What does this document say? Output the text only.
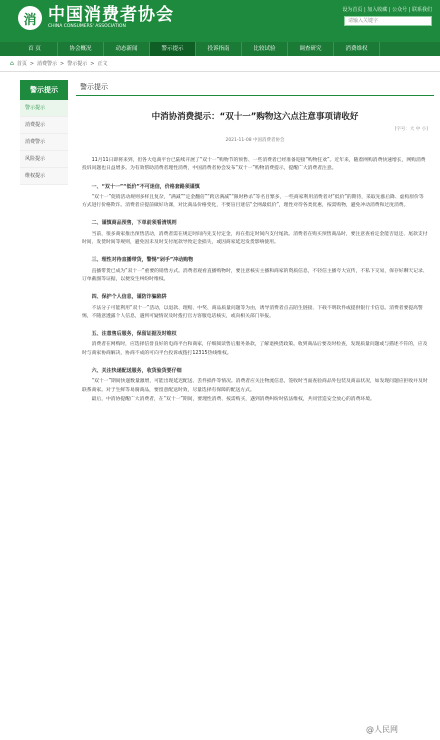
消 中国消费者协会
CHINA CONSUMERS' ASSOCIATION
设为首页 | 加入收藏 | 公众号 | 联系我们
请输入关键字
首 页	协会概况	动态新闻	警示提示	投诉指南	比较试验	调查研究	消费维权
⌂ 首页 > 消费警示 > 警示提示 > 正文
警示提示
警示提示
消费提示
消费警示
风险提示
维权提示
警示提示
中消协消费提示：“双十一”购物这六点注意事项请收好
[字号：大 中 小]
2021-11-08 中国消费者协会

11月11日即将来到，但各大电商平台已陆续开展了“双十一”购物节的预售、一些消费者已经准备迎接“购物狂欢”。近年来，随着网购消费快速增长，网购消费投诉问题也日益增多。为有效帮助消费者理性消费，中国消费者协会发布“双十一”购物消费提示，提醒广大消费者注意。

一、“双十一”“低价”不可迷信，价格套路须谨慎

“双十一”促销活动规则多样且复杂，“满减”“定金翻倍”“跨店满减”“限时秒杀”等名目繁多，一些商家利用消费者对“低价”的期待，采取先涨后降、虚构原价等方式进行价格欺诈。消费者应提前做好功课，对比商品价格变化，不要盲目迷信“全网最低价”，理性对待各类优惠，按需购物，避免冲动消费和过度消费。

二、谨慎商品预售，下单前须看清规则

当前，很多商家推出预售活动，消费者需在规定时间内先支付定金，再在指定时间内支付尾款。消费者在购买预售商品时，要注意查看定金能否退还、尾款支付时间、发货时间等规则，避免因未及时支付尾款导致定金损失，或因商家延迟发货影响使用。

三、理性对待直播带货，警惕“剁手”冲动购物

直播带货已成为“双十一”重要的销售方式。消费者观看直播购物时，要注意核实主播和商家的资质信息，不轻信主播夸大宣传，不私下交易，保存好聊天记录、订单截图等证据，以便发生纠纷时维权。

四、保护个人信息，谨防诈骗陷阱

不法分子可能利用“双十一”活动，以退款、理赔、中奖、商品质量问题等为由，诱导消费者点击陌生链接、下载不明软件或提供银行卡信息。消费者要提高警惕，不随意透露个人信息，遇到可疑情况及时拨打官方客服电话核实，或向相关部门举报。

五、注意售后服务，保留证据及时维权

消费者在网购时，应选择信誉良好的电商平台和商家，仔细阅读售后服务条款，了解退换货政策。收到商品后要及时检查，发现质量问题或与描述不符的，应及时与商家协商解决，协商不成的可向平台投诉或拨打12315热线维权。

六、关注快递配送服务，收货验货要仔细

“双十一”期间快递数量激增，可能出现延迟配送、丢件损件等情况。消费者应关注物流信息，签收时当面查验商品外包装及商品状况，如发现问题应拒收并及时联系商家。对于生鲜等易腐商品，要留意配送时效，尽量选择有保障的配送方式。

最后，中消协提醒广大消费者，在“双十一”期间，要理性消费、按需购买，遇到消费纠纷时依法维权，共同营造安全放心的消费环境。

@人民网
